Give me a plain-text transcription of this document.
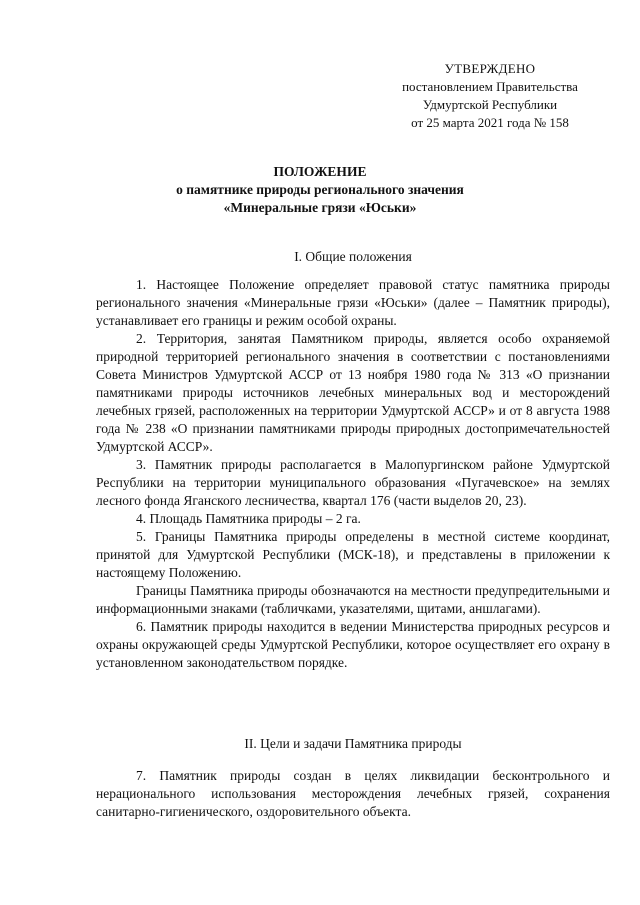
УТВЕРЖДЕНО
постановлением Правительства
Удмуртской Республики
от 25 марта 2021 года № 158
ПОЛОЖЕНИЕ
о памятнике природы регионального значения
«Минеральные грязи «Юськи»
I. Общие положения

1. Настоящее Положение определяет правовой статус памятника природы регионального значения «Минеральные грязи «Юськи» (далее – Памятник природы), устанавливает его границы и режим особой охраны.

2. Территория, занятая Памятником природы, является особо охраняемой природной территорией регионального значения в соответствии с постановлениями Совета Министров Удмуртской АССР от 13 ноября 1980 года № 313 «О признании памятниками природы источников лечебных минеральных вод и месторождений лечебных грязей, расположенных на территории Удмуртской АССР» и от 8 августа 1988 года № 238 «О признании памятниками природы природных достопримечательностей Удмуртской АССР».

3. Памятник природы располагается в Малопургинском районе Удмуртской Республики на территории муниципального образования «Пугачевское» на землях лесного фонда Яганского лесничества, квартал 176 (части выделов 20, 23).

4. Площадь Памятника природы – 2 га.

5. Границы Памятника природы определены в местной системе координат, принятой для Удмуртской Республики (МСК-18), и представлены в приложении к настоящему Положению.

Границы Памятника природы обозначаются на местности предупредительными и информационными знаками (табличками, указателями, щитами, аншлагами).

6. Памятник природы находится в ведении Министерства природных ресурсов и охраны окружающей среды Удмуртской Республики, которое осуществляет его охрану в установленном законодательством порядке.

II. Цели и задачи Памятника природы

7. Памятник природы создан в целях ликвидации бесконтрольного и нерационального использования месторождения лечебных грязей, сохранения санитарно-гигиенического, оздоровительного объекта.
